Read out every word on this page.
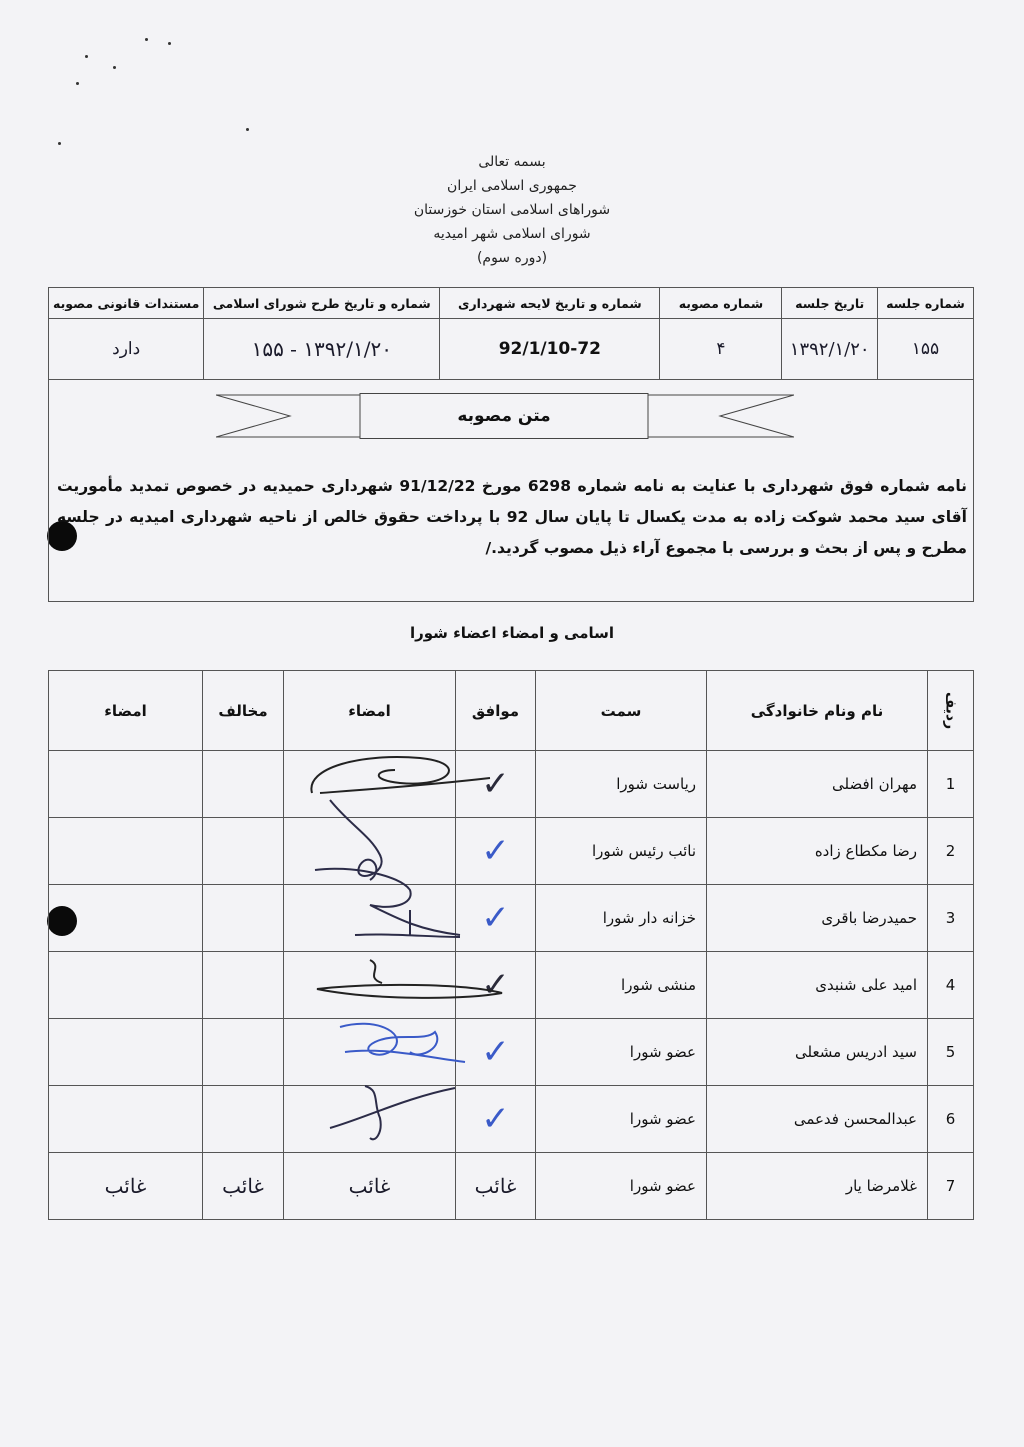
بسمه تعالی
جمهوری اسلامی ایران
شوراهای اسلامی استان خوزستان
شورای اسلامی شهر امیدیه
(دوره سوم)
شماره جلسه	تاریخ جلسه	شماره مصوبه	شماره و تاریخ لایحه شهرداری	شماره و تاریخ طرح شورای اسلامی	مستندات قانونی مصوبه
۱۵۵	۱۳۹۲/۱/۲۰	۴	92/1/10-72	۱۳۹۲/۱/۲۰ - ۱۵۵	دارد
متن مصوبه
نامه شماره فوق شهرداری با عنایت به نامه شماره 6298 مورخ 91/12/22 شهرداری حمیدیه در خصوص تمدید مأموریت آقای سید محمد شوکت زاده به مدت یکسال تا پایان سال 92 با پرداخت حقوق خالص از ناحیه شهرداری امیدیه در جلسه مطرح و پس از بحث و بررسی با مجموع آراء ذیل مصوب گردید./
اسامی و امضاء اعضاء شورا
ردیف	نام ونام خانوادگی	سمت	موافق	امضاء	مخالف	امضاء
1	مهران افضلی	ریاست شورا	✓			
2	رضا مکطاع زاده	نائب رئیس شورا	✓			
3	حمیدرضا باقری	خزانه دار شورا	✓			
4	امید علی شنبدی	منشی شورا	✓			
5	سید ادریس مشعلی	عضو شورا	✓			
6	عبدالمحسن فدعمی	عضو شورا	✓			
7	غلامرضا یار	عضو شورا	غائب	غائب	غائب	غائب
